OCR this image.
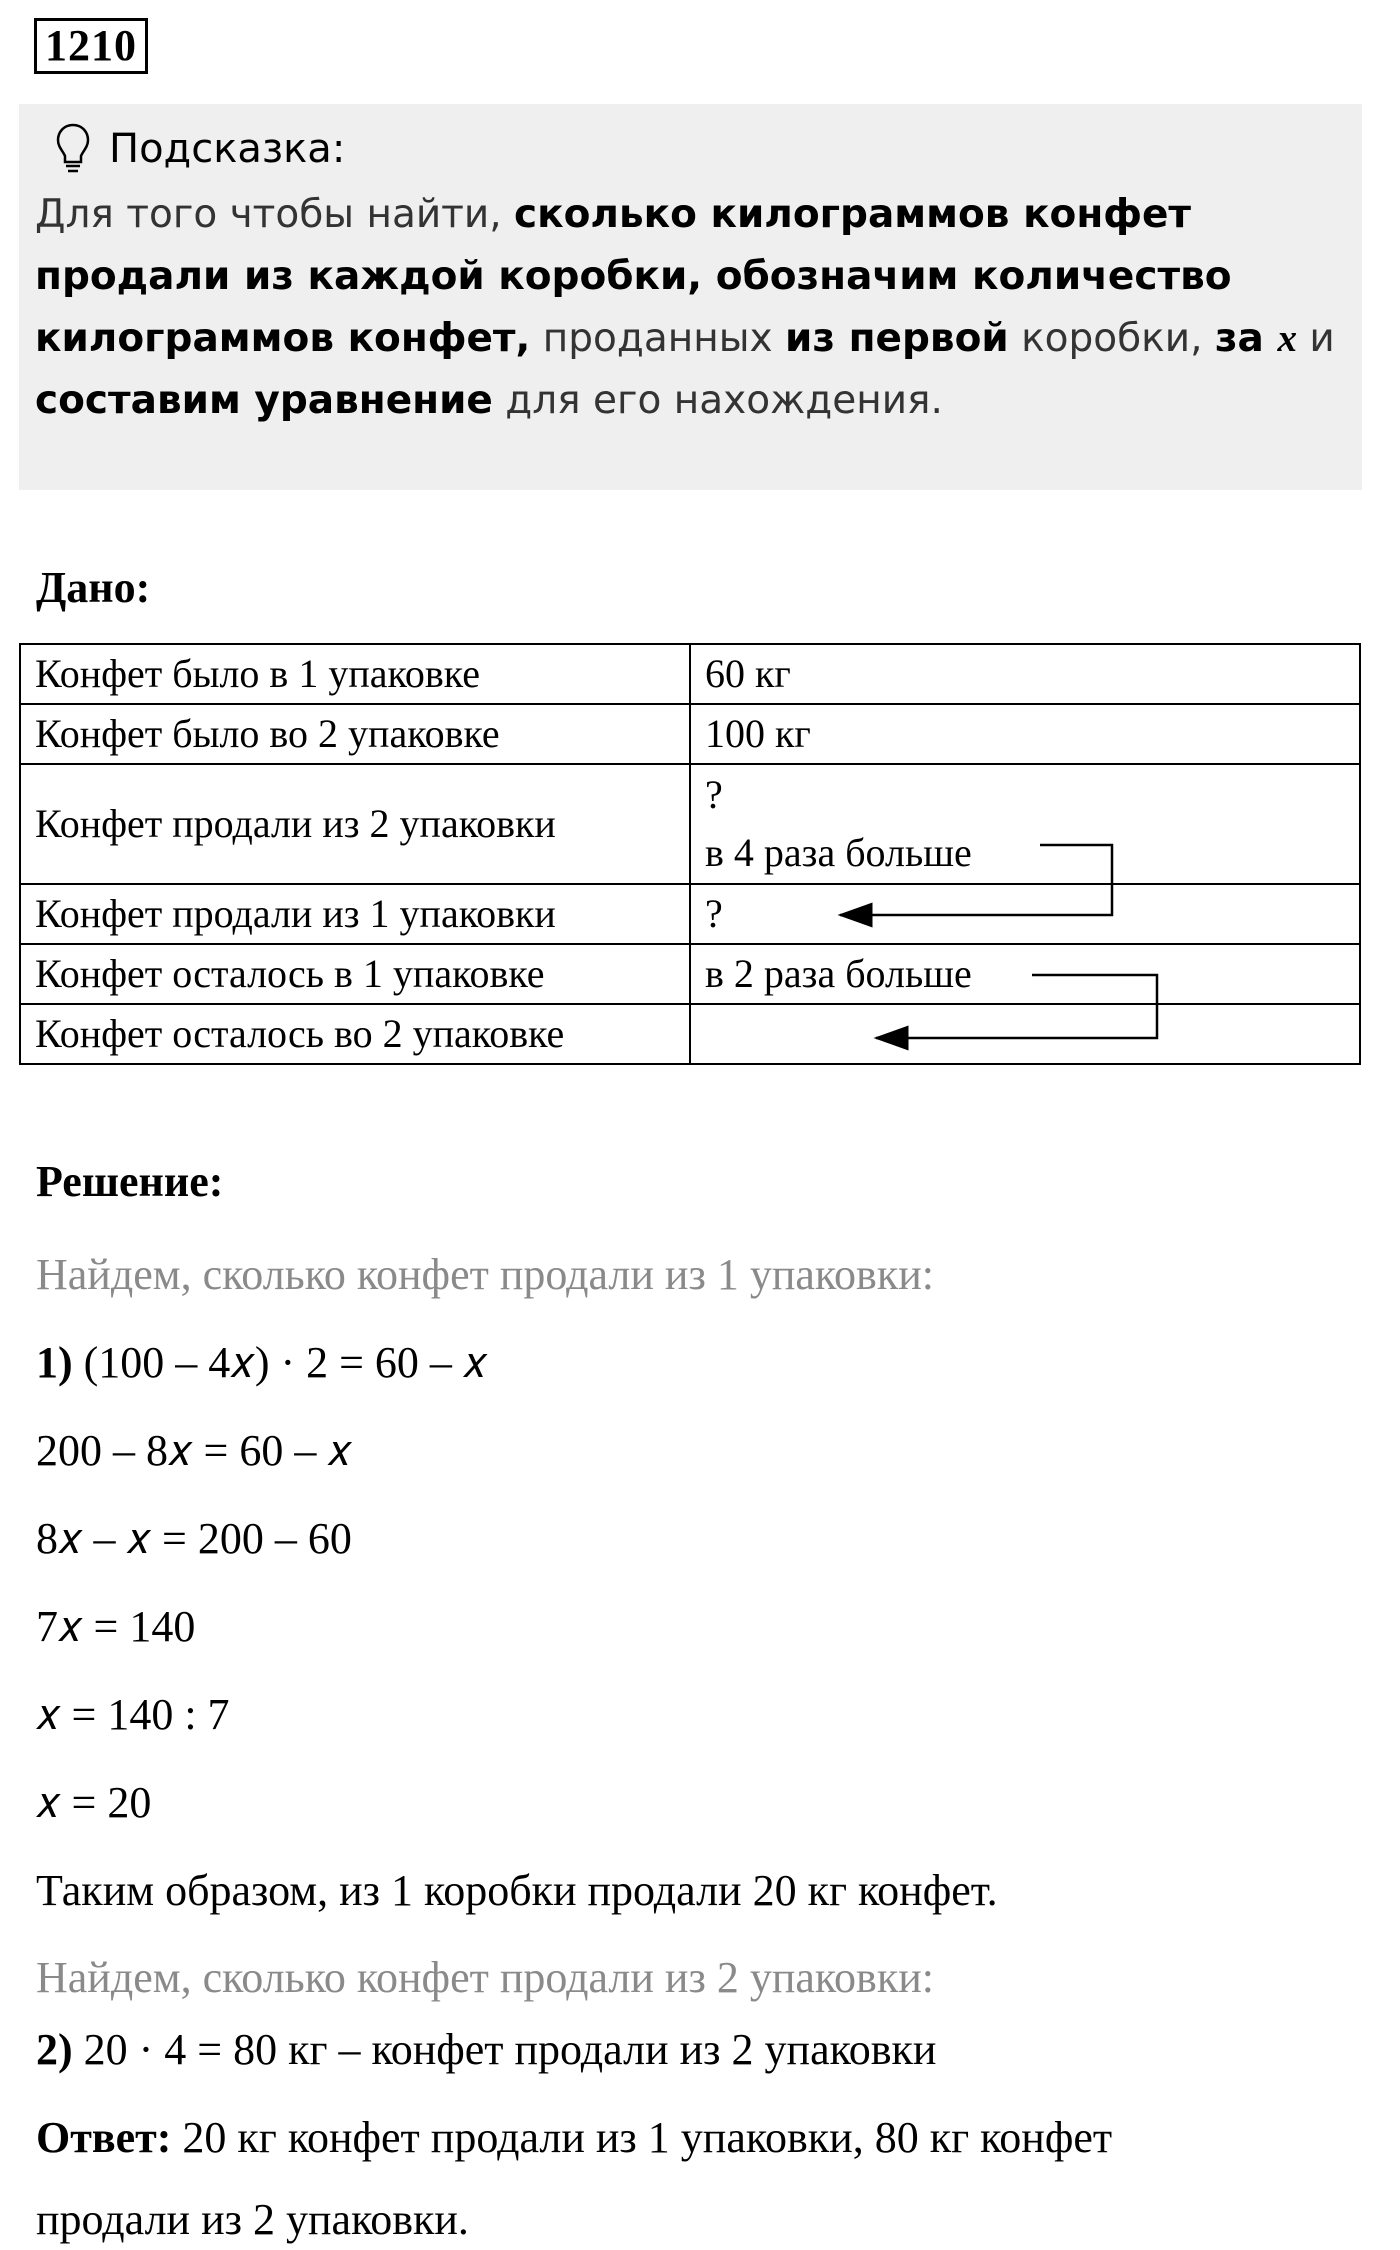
1210
Подсказка:
Для того чтобы найти, сколько килограммов конфет продали из каждой коробки, обозначим количество килограммов конфет, проданных из первой коробки, за x и составим уравнение для его нахождения.
Дано:
Конфет было в 1 упаковке	60 кг
Конфет было во 2 упаковке	100 кг
Конфет продали из 2 упаковки	?
в 4 раза больше

Конфет продали из 1 упаковки	?
Конфет осталось в 1 упаковке	в 2 раза больше
Конфет осталось во 2 упаковке	
Решение:
Найдем, сколько конфет продали из 1 упаковки:
1) (100 – 4𝑥) · 2 = 60 – 𝑥
200 – 8𝑥 = 60 – 𝑥
8𝑥 – 𝑥 = 200 – 60
7𝑥 = 140
𝑥 = 140 : 7
𝑥 = 20
Таким образом, из 1 коробки продали 20 кг конфет.
Найдем, сколько конфет продали из 2 упаковки:
2) 20 · 4 = 80 кг – конфет продали из 2 упаковки
Ответ: 20 кг конфет продали из 1 упаковки, 80 кг конфет
продали из 2 упаковки.
